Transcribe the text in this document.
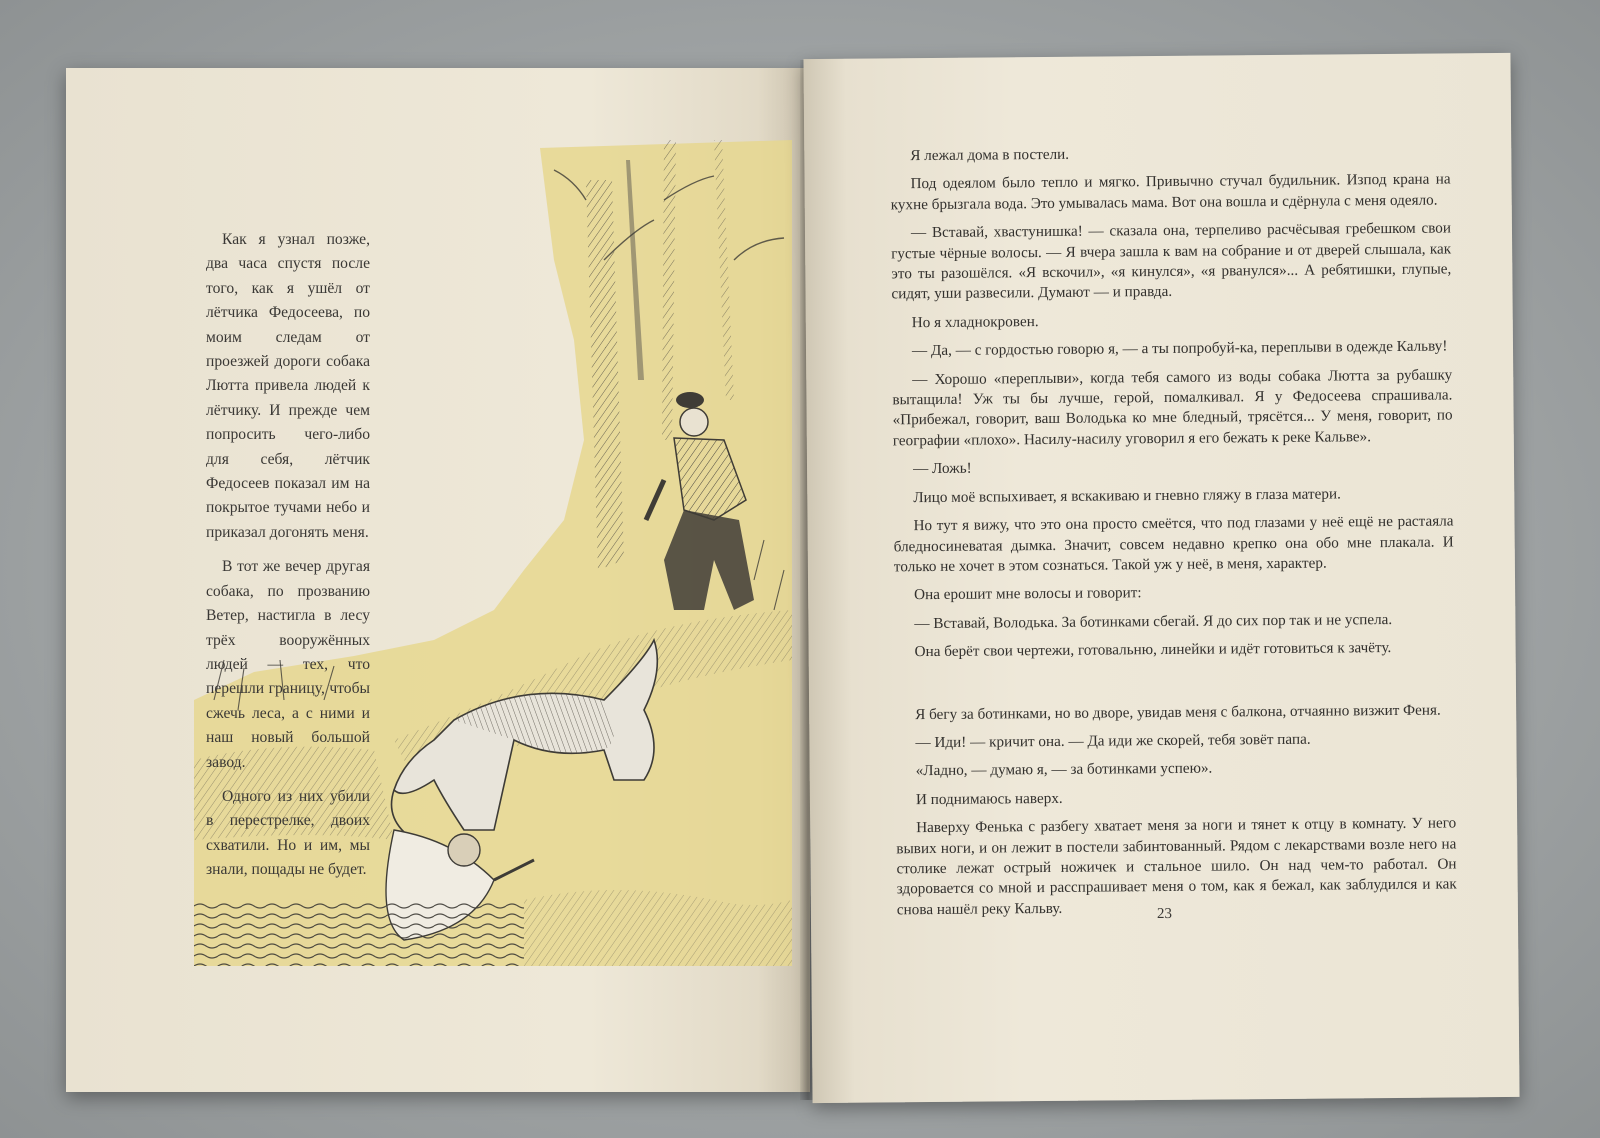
Как я узнал позже, два часа спустя после того, как я ушёл от лётчика Федосеева, по моим следам от проезжей дороги собака Лютта привела людей к лётчику. И прежде чем попросить чего-либо для себя, лётчик Федосеев показал им на покрытое тучами небо и приказал догонять меня.

В тот же вечер другая собака, по прозванию Ветер, настигла в лесу трёх вооружённых людей — тех, что перешли границу, чтобы сжечь леса, а с ними и наш новый большой завод.

Одного из них убили в перестрелке, двоих схватили. Но и им, мы знали, пощады не будет.

Я лежал дома в постели.

Под одеялом было тепло и мягко. Привычно стучал будильник. Изпод крана на кухне брызгала вода. Это умывалась мама. Вот она вошла и сдёрнула с меня одеяло.

— Вставай, хвастунишка! — сказала она, терпеливо расчёсывая гребешком свои густые чёрные волосы. — Я вчера зашла к вам на собрание и от дверей слышала, как это ты разошёлся. «Я вскочил», «я кинулся», «я рванулся»... А ребятишки, глупые, сидят, уши развесили. Думают — и правда.

Но я хладнокровен.

— Да, — с гордостью говорю я, — а ты попробуй-ка, переплыви в одежде Кальву!

— Хорошо «переплыви», когда тебя самого из воды собака Лютта за рубашку вытащила! Уж ты бы лучше, герой, помалкивал. Я у Федосеева спрашивала. «Прибежал, говорит, ваш Володька ко мне бледный, трясётся... У меня, говорит, по географии «плохо». Насилу-насилу уговорил я его бежать к реке Кальве».

— Ложь!

Лицо моё вспыхивает, я вскакиваю и гневно гляжу в глаза матери.

Но тут я вижу, что это она просто смеётся, что под глазами у неё ещё не растаяла бледносиневатая дымка. Значит, совсем недавно крепко она обо мне плакала. И только не хочет в этом сознаться. Такой уж у неё, в меня, характер.

Она ерошит мне волосы и говорит:

— Вставай, Володька. За ботинками сбегай. Я до сих пор так и не успела.

Она берёт свои чертежи, готовальню, линейки и идёт готовиться к зачёту.

Я бегу за ботинками, но во дворе, увидав меня с балкона, отчаянно визжит Феня.

— Иди! — кричит она. — Да иди же скорей, тебя зовёт папа.

«Ладно, — думаю я, — за ботинками успею».

И поднимаюсь наверх.

Наверху Фенька с разбегу хватает меня за ноги и тянет к отцу в комнату. У него вывих ноги, и он лежит в постели забинтованный. Рядом с лекарствами возле него на столике лежат острый ножичек и стальное шило. Он над чем-то работал. Он здоровается со мной и расспрашивает меня о том, как я бежал, как заблудился и как снова нашёл реку Кальву.	23
